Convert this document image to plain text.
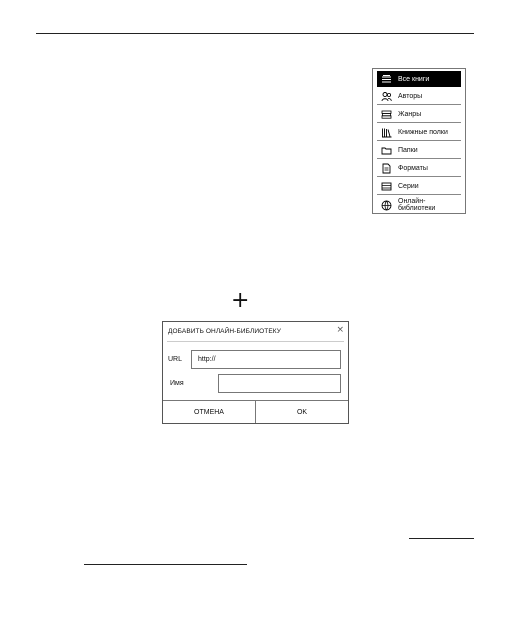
Все книги
Авторы
Жанры
Книжные полки
Папки
Форматы
Серии
Онлайн-библиотеки
+
ДОБАВИТЬ ОНЛАЙН-БИБЛИОТЕКУ	×
URL	http://
Имя
ОТМЕНА	OK
